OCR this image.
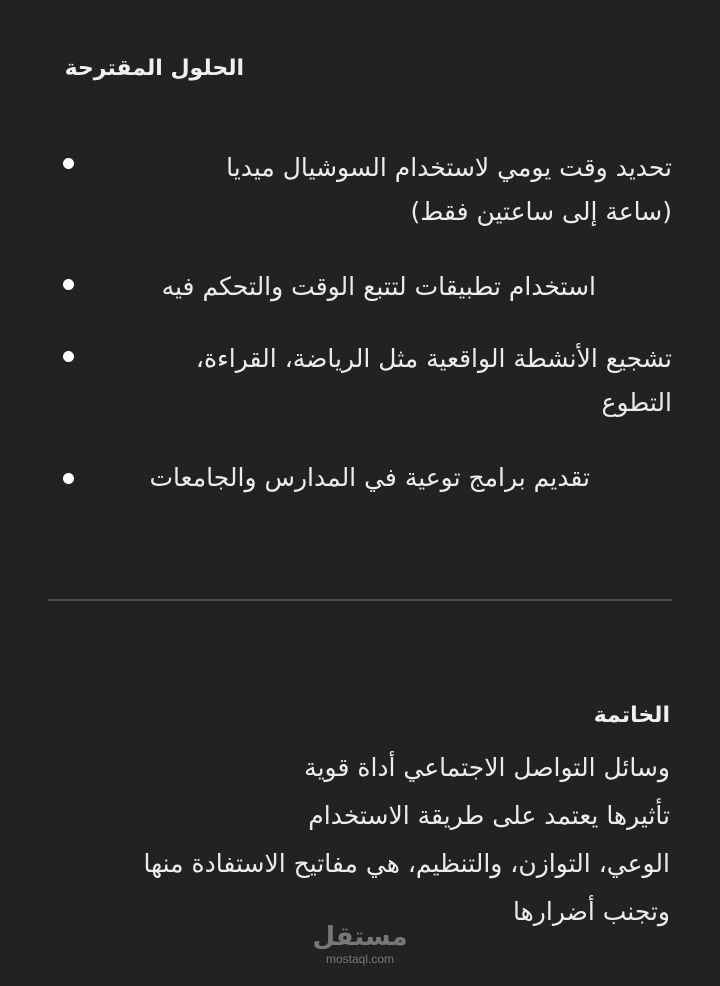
الحلول المقترحة
تحديد وقت يومي لاستخدام السوشيال ميديا
(ساعة إلى ساعتين فقط)
استخدام تطبيقات لتتبع الوقت والتحكم فيه
تشجيع الأنشطة الواقعية مثل الرياضة، القراءة،
التطوع
تقديم برامج توعية في المدارس والجامعات
الخاتمة
وسائل التواصل الاجتماعي أداة قوية
تأثيرها يعتمد على طريقة الاستخدام
الوعي، التوازن، والتنظيم، هي مفاتيح الاستفادة منها
وتجنب أضرارها
مستقل
mostaql.com
